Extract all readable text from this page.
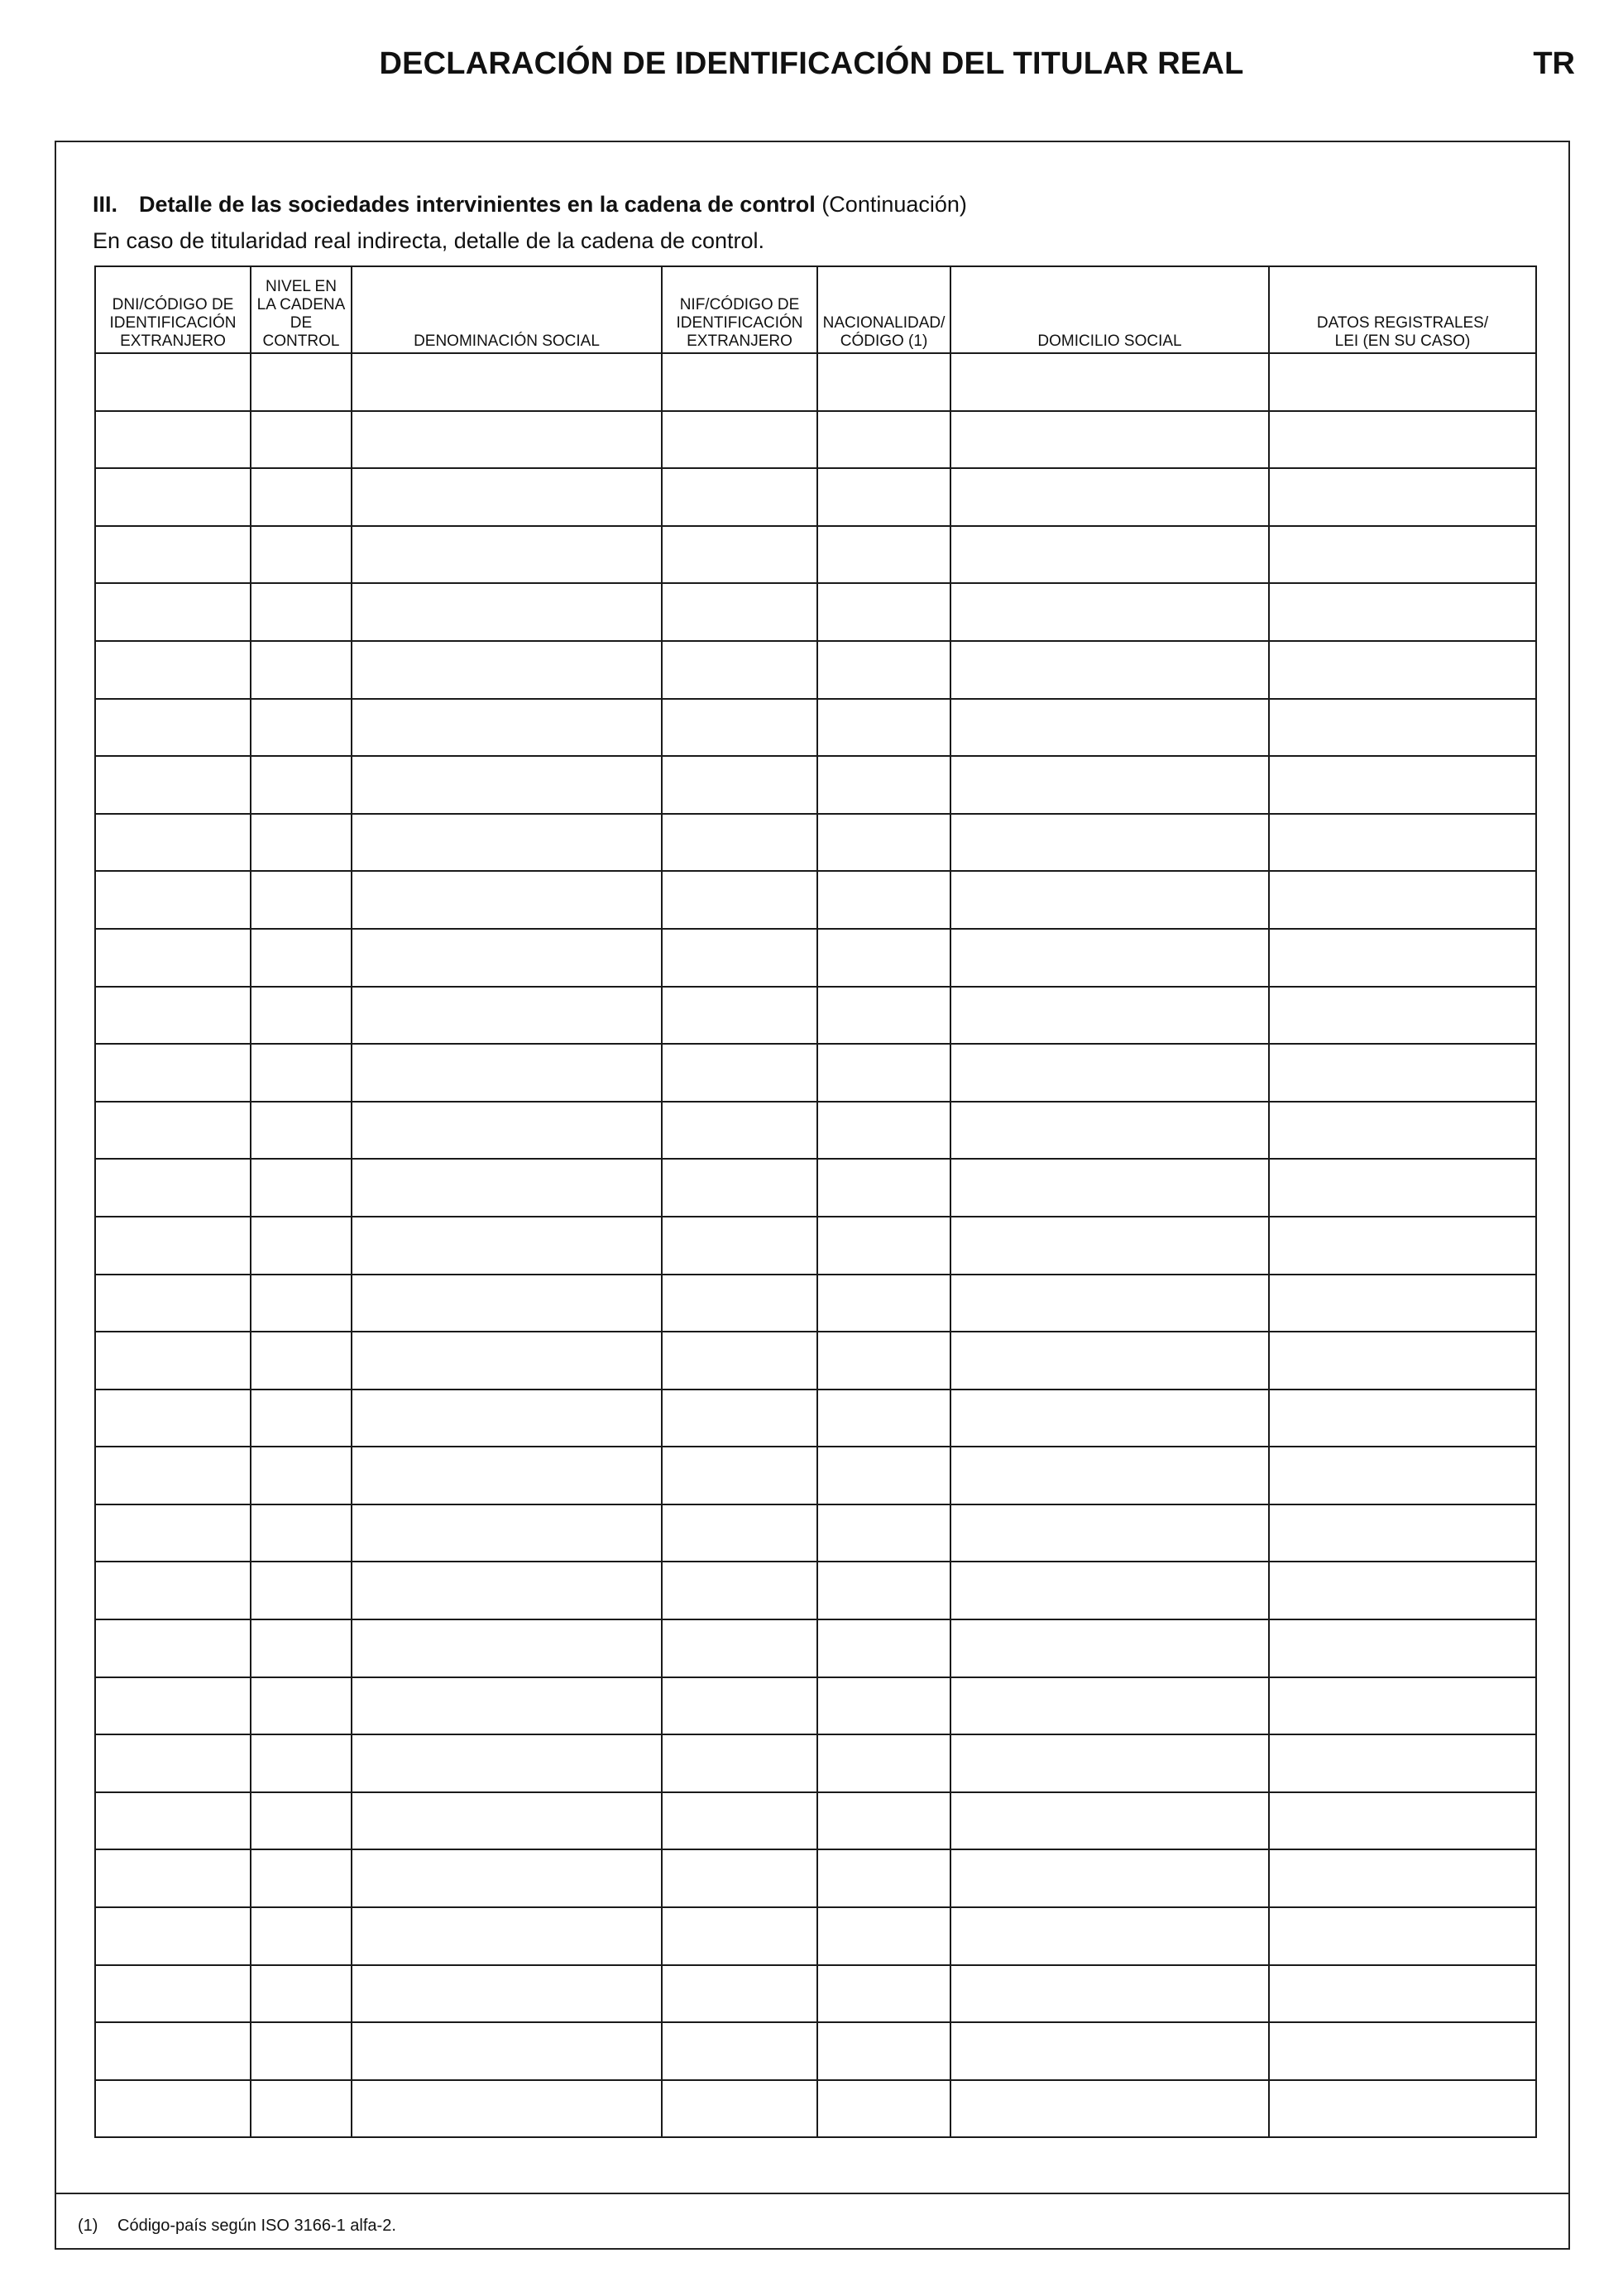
DECLARACIÓN DE IDENTIFICACIÓN DEL TITULAR REAL	TR

III. Detalle de las sociedades intervinientes en la cadena de control (Continuación)

En caso de titularidad real indirecta, detalle de la cadena de control.

DNI/CÓDIGO DE
IDENTIFICACIÓN
EXTRANJERO	NIVEL EN
LA CADENA
DE
CONTROL	DENOMINACIÓN SOCIAL	NIF/CÓDIGO DE
IDENTIFICACIÓN
EXTRANJERO	NACIONALIDAD/
CÓDIGO (1)	DOMICILIO SOCIAL	DATOS REGISTRALES/
LEI (EN SU CASO)

(1) Código-país según ISO 3166-1 alfa-2.
